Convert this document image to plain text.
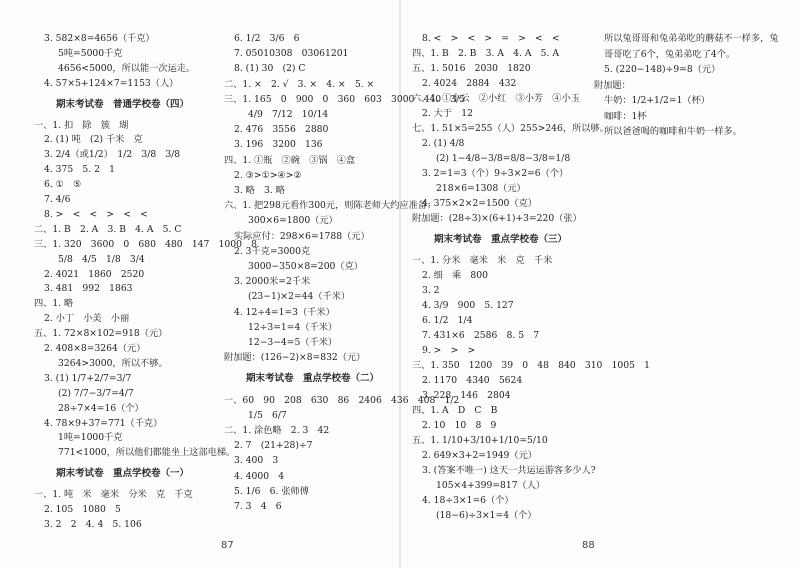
3. 582×8=4656（千克）
5吨=5000千克
4656<5000，所以能一次运走。
4. 57×5+124×7=1153（人）
期末考试卷　普通学校卷（四）
一、1. 扣　除　簇　瑚
2. (1) 吨　(2) 千米　克
3. 2/4（或1/2）　1/2　3/8　3/8
4. 375　5. 2　1
6. ①　⑤
7. 4/6
8. >　<　<　>　<　<
二、1. B　2. A　3. B　4. A　5. C
三、1. 320　3600　0　680　480　147　1000　8
5/8　4/5　1/8　3/4
2. 4021　1860　2520
3. 481　992　1863
四、1. 略
2. 小丁　小美　小丽
五、1. 72×8×102=918（元）
2. 408×8=3264（元）
3264>3000，所以不够。
3. (1) 1/7+2/7=3/7
(2) 7/7−3/7=4/7
28÷7×4=16（个）
4. 78×9+37=771（千克）
1吨=1000千克
771<1000，所以他们都能坐上这部电梯。
期末考试卷　重点学校卷（一）
一、1. 吨　米　毫米　分米　克　千克
2. 105　1080　5
3. 2　2　4. 4　5. 106
6. 1/2　3/6　6
7. 05010308　03061201
8. (1) 30　(2) C
二、1. ×　2. √　3. ×　4. ×　5. ×
三、1. 165　0　900　0　360　603　3000　440　3/5
4/9　7/12　10/14
2. 476　3556　2880
3. 196　3200　136
四、1. ①瓶　②碗　③锅　④盒
2. ③>①>④>②
3. 略　3. 略
六、1. 把298元看作300元，则陈老师大约应准备：
300×6=1800（元）
实际应付：298×6=1788（元）
2. 3千克=3000克
3000−350×8=200（克）
3. 2000米=2千米
(23−1)×2=44（千米）
4. 12÷4=1=3（千米）
12÷3=1=4（千米）
12−3−4=5（千米）
附加题：(126−2)×8=832（元）
期末考试卷　重点学校卷（二）
一、60　90　208　630　86　2406　436　408　1/2
1/5　6/7
二、1. 涂色略　2. 3　42
2. 7　(21+28)÷7
3. 400　3
4. 4000　4
5. 1/6　6. 张师傅
7. 3　4　6
8. <　>　<　>　=　>　<　<
四、1. B　2. B　3. A　4. A　5. A
五、1. 5016　2030　1820
2. 4024　2884　432
六、1. ①小云　②小红　③小芳　④小玉
2. 大于　12
七、1. 51×5=255（人）255>246，所以够。
2. (1) 4/8
(2) 1−4/8−3/8=8/8−3/8=1/8
3. 2=1=3（个）9÷3×2=6（个）
218×6=1308（元）
4. 375×2×2=1500（克）
附加题：(28÷3)×(6+1)+3=220（张）
期末考试卷　重点学校卷（三）
一、1. 分米　毫米　米　克　千米
2. 细　乘　800
3. 2
4. 3/9　900　5. 127
6. 1/2　1/4
7. 431×6　2586　8. 5　7
9. >　>　>
三、1. 350　1200　39　0　48　840　310　1005　1
2. 1170　4340　5624
3. 228　146　2804
四、1. A　D　C　B
2. 10　10　8　9
五、1. 1/10+3/10+1/10=5/10
2. 649×3+2=1949（元）
3. (答案不唯一) 这天一共运运游客多少人?
105×4+399=817（人）
4. 18÷3×1=6（个）
(18−6)÷3×1=4（个）
所以兔哥哥和兔弟弟吃的蘑菇不一样多，兔
哥哥吃了6个，兔弟弟吃了4个。
5. (220−148)÷9=8（元）
附加题：
牛奶：1/2+1/2=1（杯）
咖啡：1杯
所以爸爸喝的咖啡和牛奶一样多。
87	88
